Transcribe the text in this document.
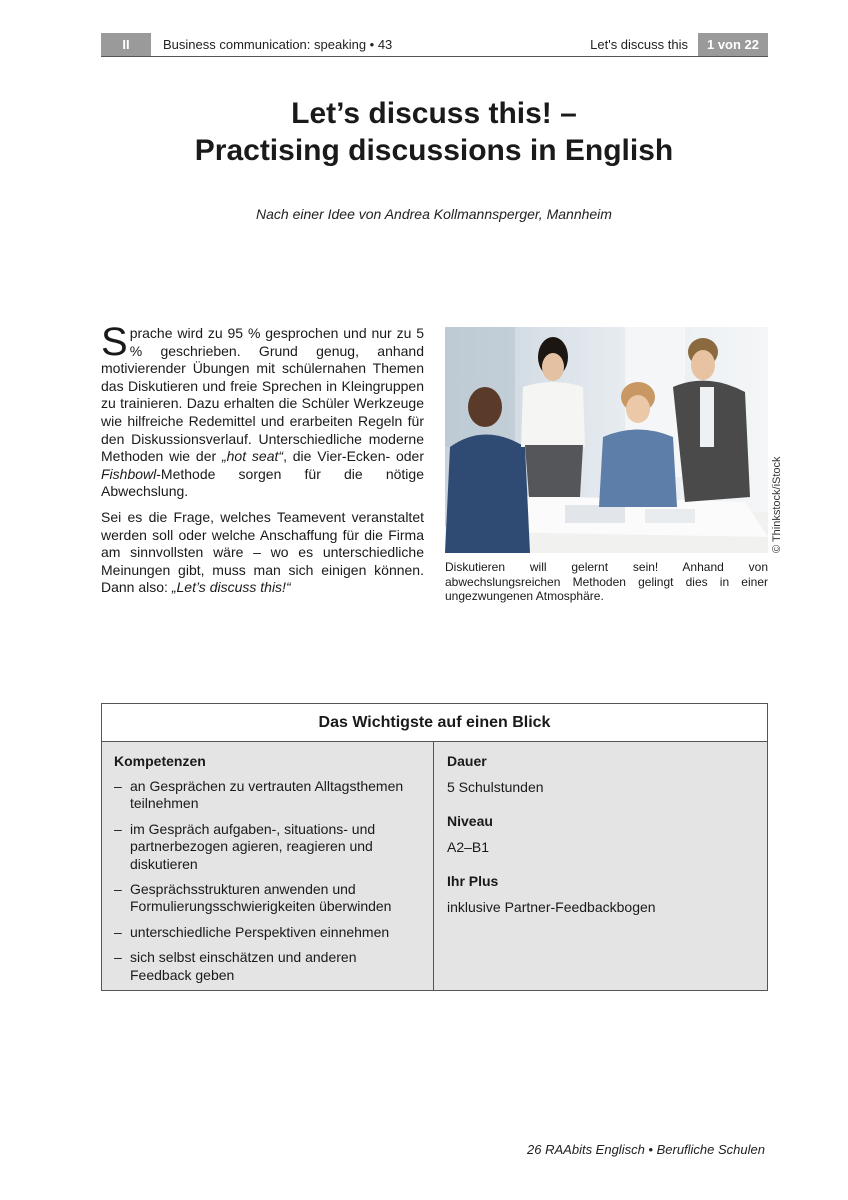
II	Business communication: speaking • 43	Let's discuss this	1 von 22
Let’s discuss this! –
Practising discussions in English
Nach einer Idee von Andrea Kollmannsperger, Mannheim

Sprache wird zu 95 % gesprochen und nur zu 5 % geschrieben. Grund genug, anhand motivierender Übungen mit schülernahen Themen das Diskutieren und freie Sprechen in Kleingruppen zu trainieren. Dazu erhalten die Schüler Werkzeuge wie hilfreiche Redemittel und erarbeiten Regeln für den Diskussionsverlauf. Unterschiedliche moderne Methoden wie der „hot seat“, die Vier-Ecken- oder Fishbowl-Methode sorgen für die nötige Abwechslung.

Sei es die Frage, welches Teamevent veranstaltet werden soll oder welche Anschaffung für die Firma am sinnvollsten wäre – wo es unterschiedliche Meinungen gibt, muss man sich einigen können. Dann also: „Let’s discuss this!“

© Thinkstock/iStock
Diskutieren will gelernt sein! Anhand von abwechslungsreichen Methoden gelingt dies in einer ungezwungenen Atmosphäre.
Das Wichtigste auf einen Blick
Kompetenzen
– an Gesprächen zu vertrauten Alltagsthemen teilnehmen
– im Gespräch aufgaben-, situations- und partnerbezogen agieren, reagieren und diskutieren
– Gesprächsstrukturen anwenden und Formulierungsschwierigkeiten überwinden
– unterschiedliche Perspektiven einnehmen
– sich selbst einschätzen und anderen Feedback geben
Dauer
5 Schulstunden
Niveau
A2–B1
Ihr Plus
inklusive Partner-Feedbackbogen
26 RAAbits Englisch • Berufliche Schulen
